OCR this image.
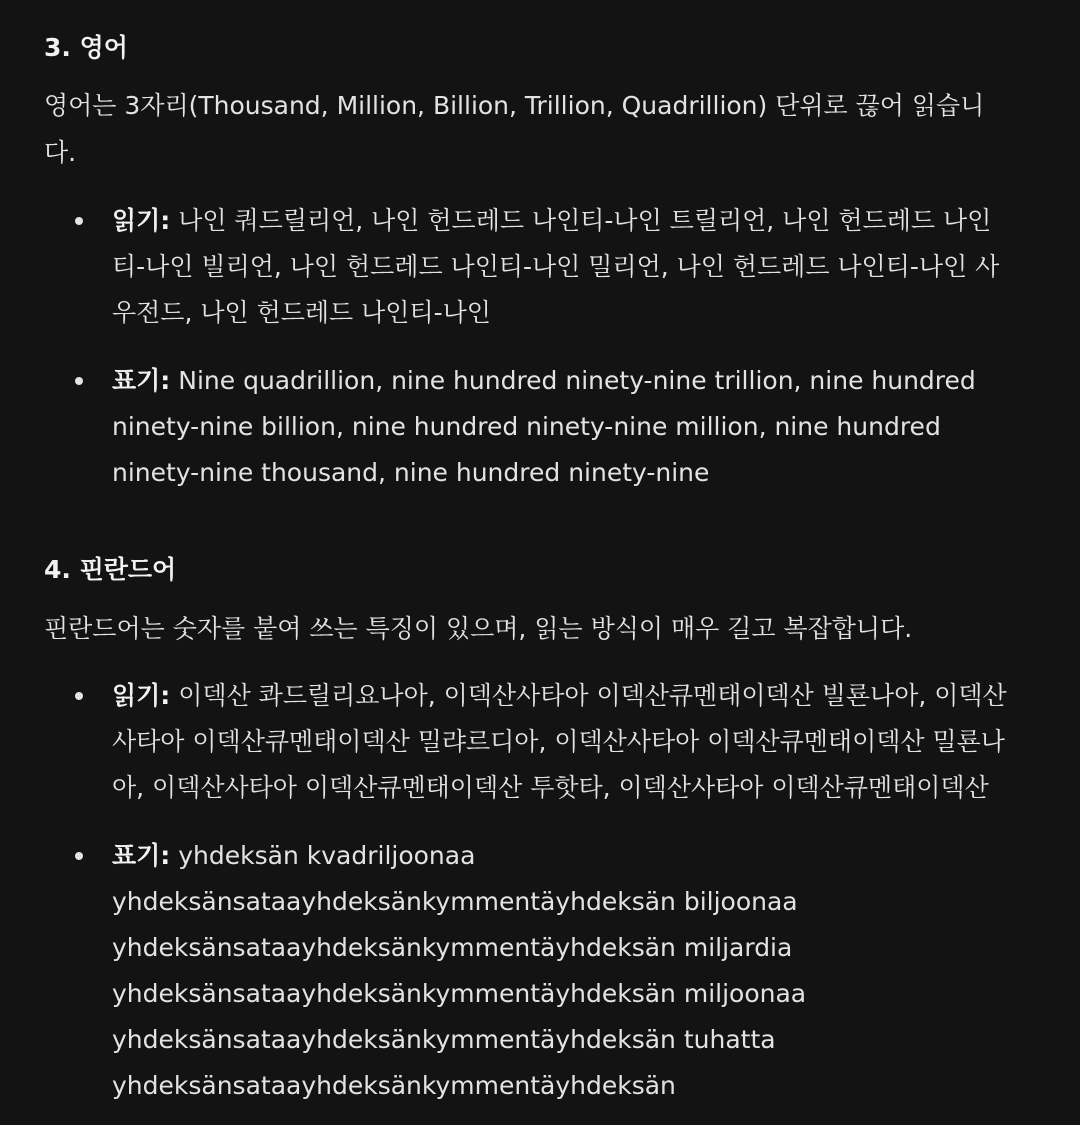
3. 영어

영어는 3자리(Thousand, Million, Billion, Trillion, Quadrillion) 단위로 끊어 읽습니
다.

읽기: 나인 쿼드릴리언, 나인 헌드레드 나인티-나인 트릴리언, 나인 헌드레드 나인
티-나인 빌리언, 나인 헌드레드 나인티-나인 밀리언, 나인 헌드레드 나인티-나인 사
우전드, 나인 헌드레드 나인티-나인
표기: Nine quadrillion, nine hundred ninety-nine trillion, nine hundred
ninety-nine billion, nine hundred ninety-nine million, nine hundred
ninety-nine thousand, nine hundred ninety-nine
4. 핀란드어

핀란드어는 숫자를 붙여 쓰는 특징이 있으며, 읽는 방식이 매우 길고 복잡합니다.

읽기: 이덱산 콰드릴리요나아, 이덱산사타아 이덱산큐멘태이덱산 빌룐나아, 이덱산
사타아 이덱산큐멘태이덱산 밀랴르디아, 이덱산사타아 이덱산큐멘태이덱산 밀룐나
아, 이덱산사타아 이덱산큐멘태이덱산 투핫타, 이덱산사타아 이덱산큐멘태이덱산
표기: yhdeksän kvadriljoonaa
yhdeksänsataayhdeksänkymmentäyhdeksän biljoonaa
yhdeksänsataayhdeksänkymmentäyhdeksän miljardia
yhdeksänsataayhdeksänkymmentäyhdeksän miljoonaa
yhdeksänsataayhdeksänkymmentäyhdeksän tuhatta
yhdeksänsataayhdeksänkymmentäyhdeksän
